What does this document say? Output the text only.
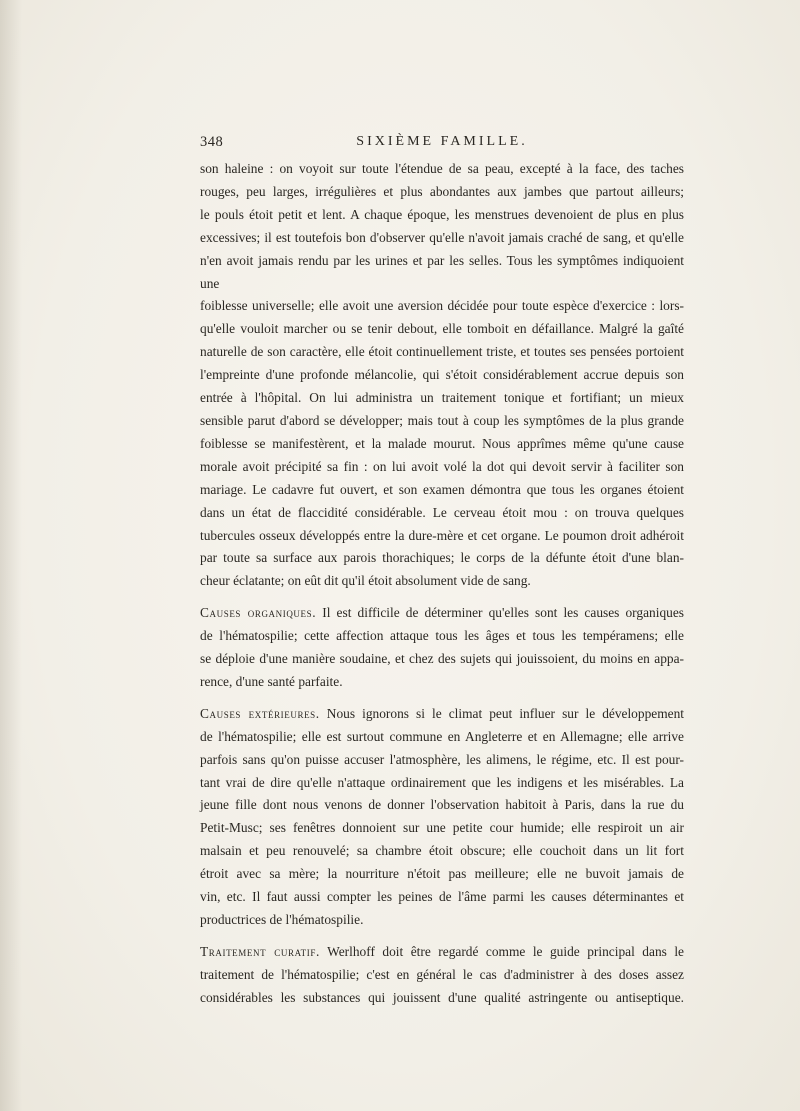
348	SIXIÈME FAMILLE.

son haleine : on voyoit sur toute l'étendue de sa peau, excepté à la face, des taches
rouges, peu larges, irrégulières et plus abondantes aux jambes que partout ailleurs;
le pouls étoit petit et lent. A chaque époque, les menstrues devenoient de plus en plus
excessives; il est toutefois bon d'observer qu'elle n'avoit jamais craché de sang, et qu'elle
n'en avoit jamais rendu par les urines et par les selles. Tous les symptômes indiquoient une
foiblesse universelle; elle avoit une aversion décidée pour toute espèce d'exercice : lors-
qu'elle vouloit marcher ou se tenir debout, elle tomboit en défaillance. Malgré la gaîté
naturelle de son caractère, elle étoit continuellement triste, et toutes ses pensées portoient
l'empreinte d'une profonde mélancolie, qui s'étoit considérablement accrue depuis son
entrée à l'hôpital. On lui administra un traitement tonique et fortifiant; un mieux
sensible parut d'abord se développer; mais tout à coup les symptômes de la plus grande
foiblesse se manifestèrent, et la malade mourut. Nous apprîmes même qu'une cause
morale avoit précipité sa fin : on lui avoit volé la dot qui devoit servir à faciliter son
mariage. Le cadavre fut ouvert, et son examen démontra que tous les organes étoient
dans un état de flaccidité considérable. Le cerveau étoit mou : on trouva quelques
tubercules osseux développés entre la dure-mère et cet organe. Le poumon droit adhéroit
par toute sa surface aux parois thorachiques; le corps de la défunte étoit d'une blan-
cheur éclatante; on eût dit qu'il étoit absolument vide de sang.

Causes organiques. Il est difficile de déterminer qu'elles sont les causes organiques
de l'hématospilie; cette affection attaque tous les âges et tous les tempéramens; elle
se déploie d'une manière soudaine, et chez des sujets qui jouissoient, du moins en appa-
rence, d'une santé parfaite.

Causes extérieures. Nous ignorons si le climat peut influer sur le développement
de l'hématospilie; elle est surtout commune en Angleterre et en Allemagne; elle arrive
parfois sans qu'on puisse accuser l'atmosphère, les alimens, le régime, etc. Il est pour-
tant vrai de dire qu'elle n'attaque ordinairement que les indigens et les misérables. La
jeune fille dont nous venons de donner l'observation habitoit à Paris, dans la rue du
Petit-Musc; ses fenêtres donnoient sur une petite cour humide; elle respiroit un air
malsain et peu renouvelé; sa chambre étoit obscure; elle couchoit dans un lit fort
étroit avec sa mère; la nourriture n'étoit pas meilleure; elle ne buvoit jamais de
vin, etc. Il faut aussi compter les peines de l'âme parmi les causes déterminantes et
productrices de l'hématospilie.

Traitement curatif. Werlhoff doit être regardé comme le guide principal dans le
traitement de l'hématospilie; c'est en général le cas d'administrer à des doses assez
considérables les substances qui jouissent d'une qualité astringente ou antiseptique.
